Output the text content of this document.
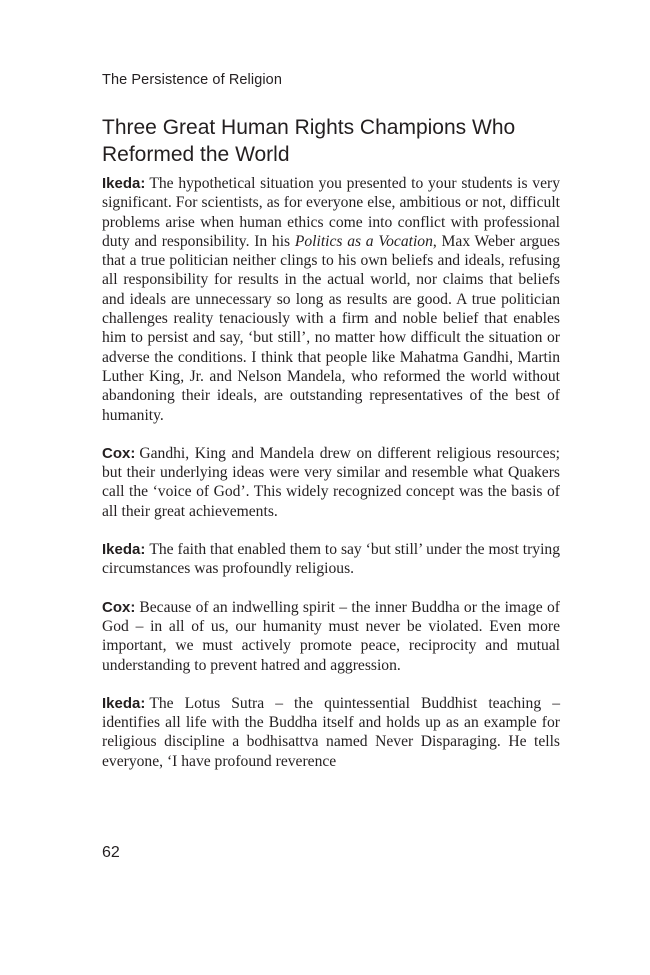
The Persistence of Religion
Three Great Human Rights Champions Who Reformed the World

Ikeda: The hypothetical situation you presented to your students is very significant. For scientists, as for everyone else, ambitious or not, difficult problems arise when human ethics come into conflict with professional duty and responsibility. In his Politics as a Vocation, Max Weber argues that a true politician neither clings to his own beliefs and ideals, refusing all responsibility for results in the actual world, nor claims that beliefs and ideals are unnecessary so long as results are good. A true politician challenges reality tenaciously with a firm and noble belief that enables him to persist and say, ‘but still’, no matter how difficult the situation or adverse the conditions. I think that people like Mahatma Gandhi, Martin Luther King, Jr. and Nelson Mandela, who reformed the world without abandoning their ideals, are outstanding representatives of the best of humanity.

Cox: Gandhi, King and Mandela drew on different religious resources; but their underlying ideas were very similar and resemble what Quakers call the ‘voice of God’. This widely recognized concept was the basis of all their great achievements.

Ikeda: The faith that enabled them to say ‘but still’ under the most trying circumstances was profoundly religious.

Cox: Because of an indwelling spirit – the inner Buddha or the image of God – in all of us, our humanity must never be violated. Even more important, we must actively promote peace, reciprocity and mutual understanding to prevent hatred and aggression.

Ikeda: The Lotus Sutra – the quintessential Buddhist teaching – identifies all life with the Buddha itself and holds up as an example for religious discipline a bodhisattva named Never Disparaging. He tells everyone, ‘I have profound reverence

62
